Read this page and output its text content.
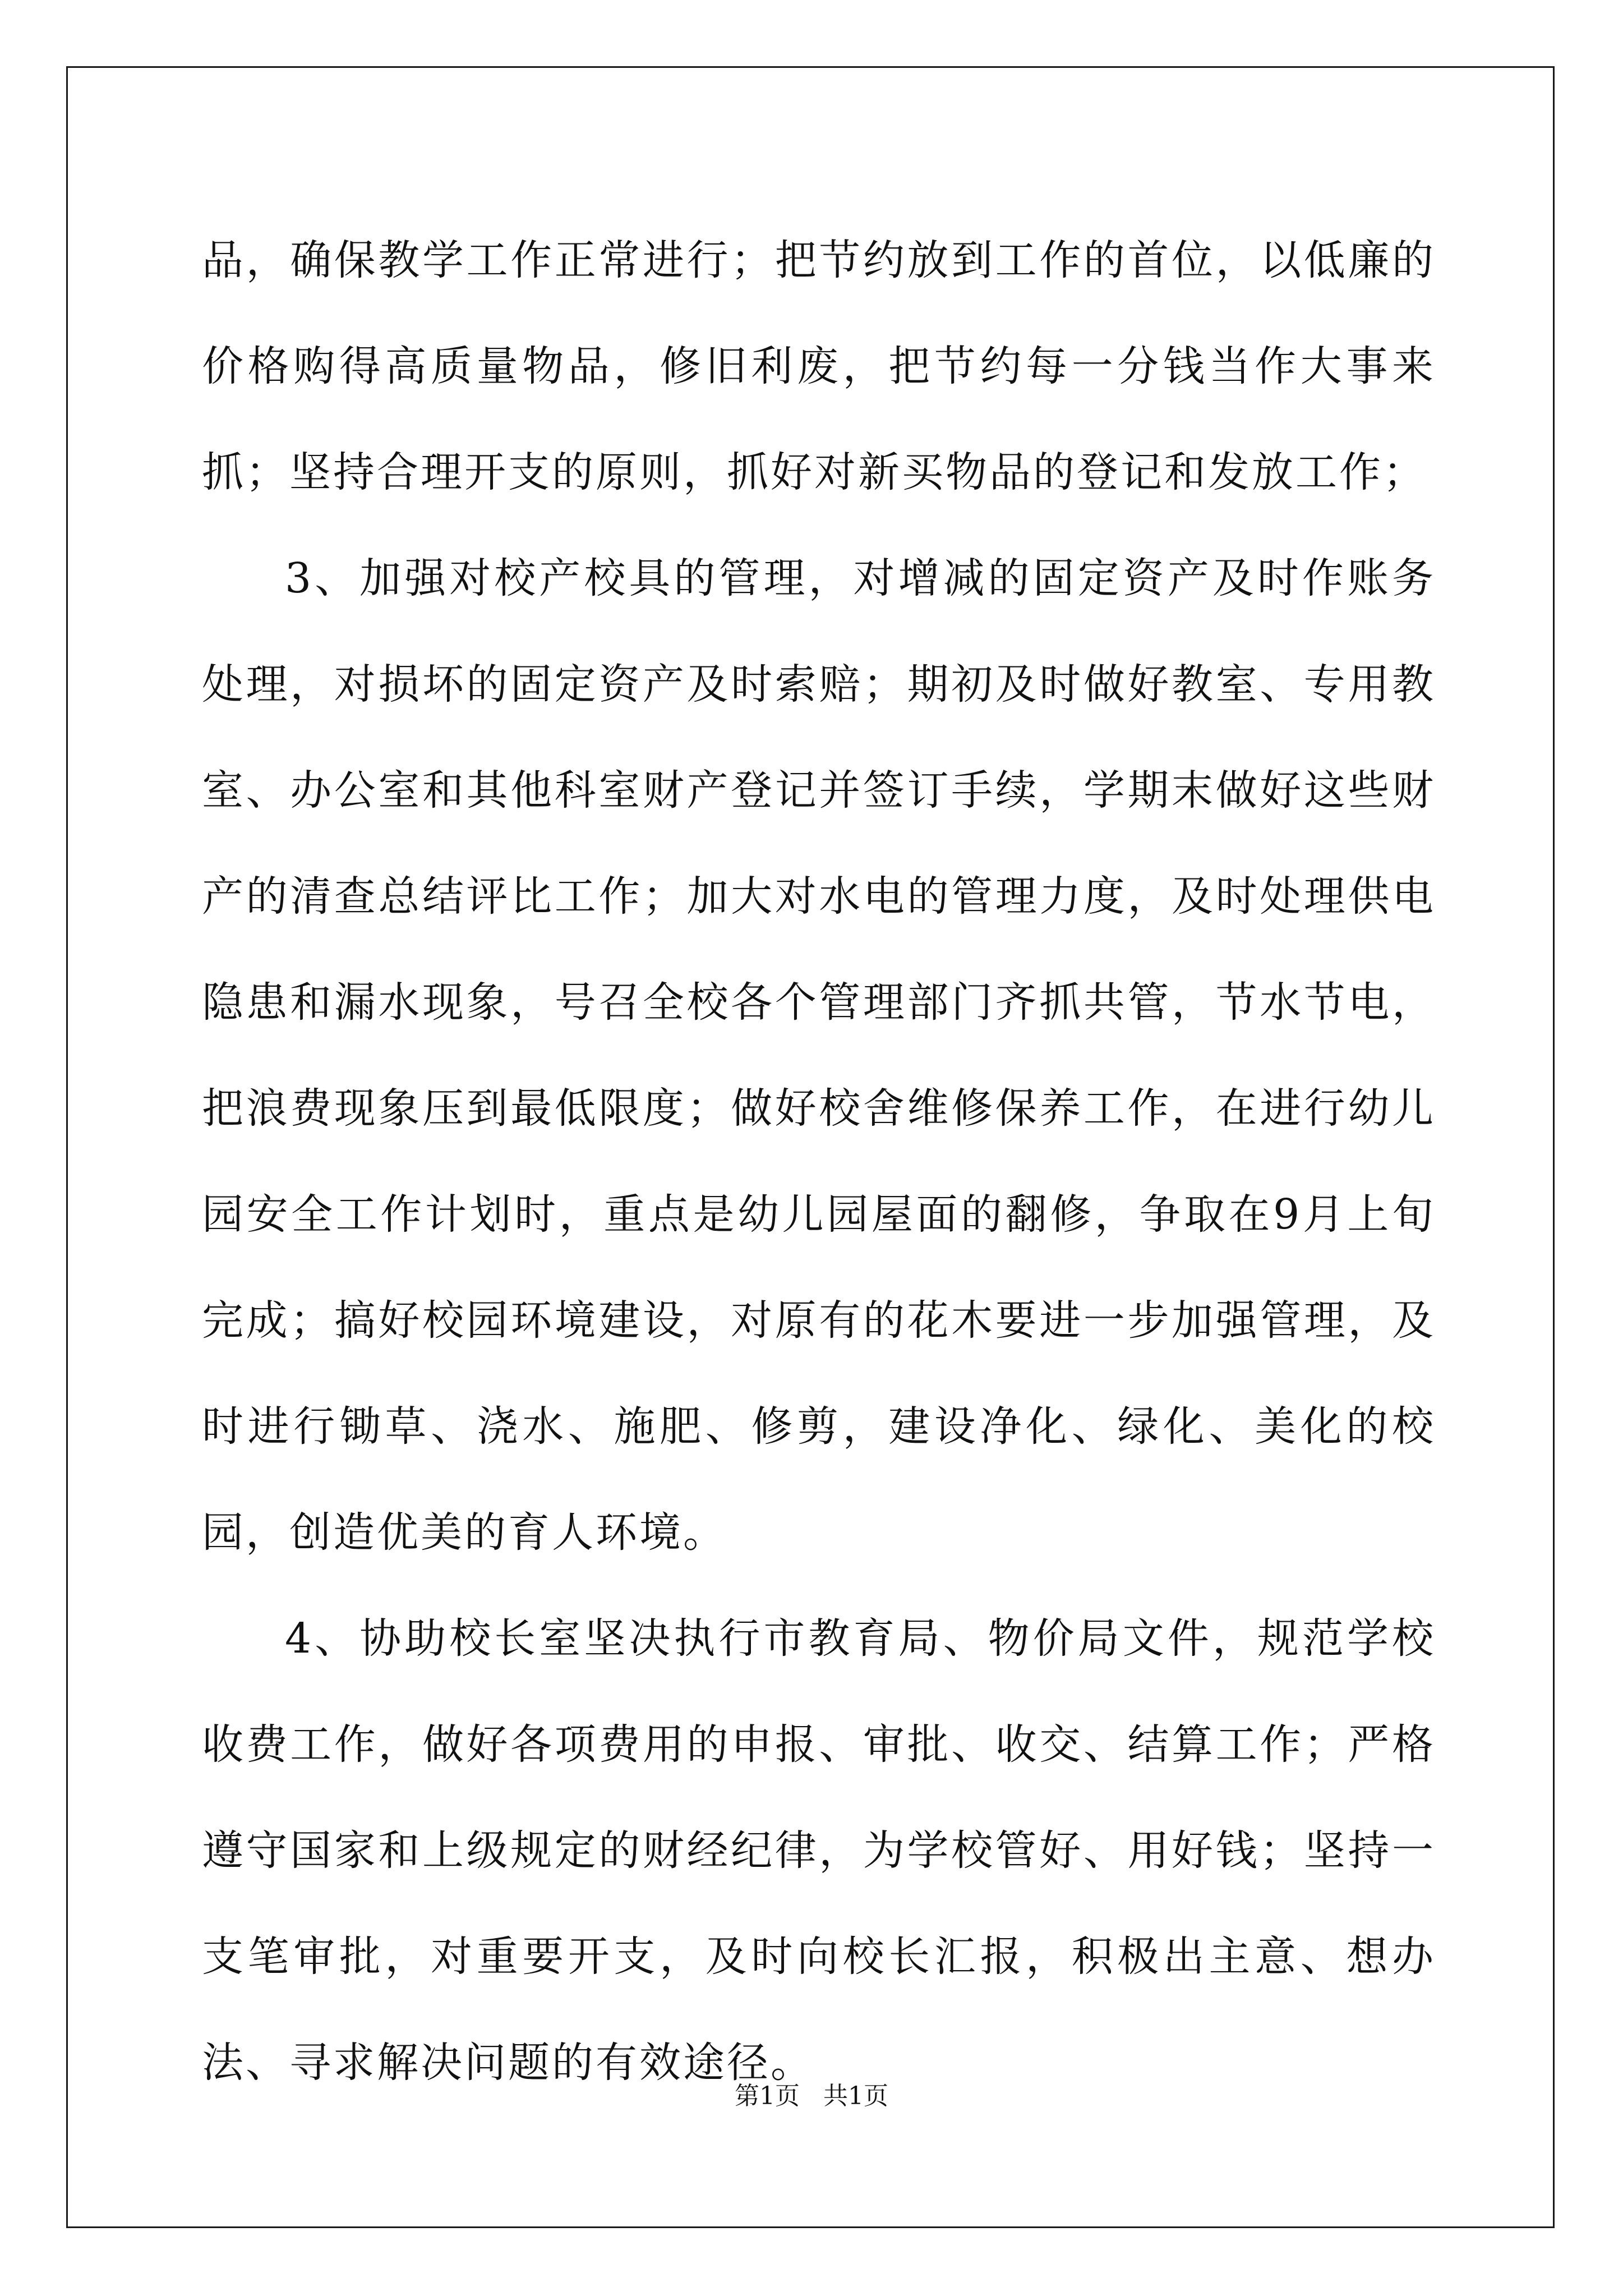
品，确保教学工作正常进行；把节约放到工作的首位，以低廉的价格购得高质量物品，修旧利废，把节约每一分钱当作大事来抓；坚持合理开支的原则，抓好对新买物品的登记和发放工作；

3、加强对校产校具的管理，对增减的固定资产及时作账务处理，对损坏的固定资产及时索赔；期初及时做好教室、专用教室、办公室和其他科室财产登记并签订手续，学期末做好这些财产的清查总结评比工作；加大对水电的管理力度，及时处理供电隐患和漏水现象，号召全校各个管理部门齐抓共管，节水节电，把浪费现象压到最低限度；做好校舍维修保养工作，在进行幼儿园安全工作计划时，重点是幼儿园屋面的翻修，争取在9月上旬完成；搞好校园环境建设，对原有的花木要进一步加强管理，及时进行锄草、浇水、施肥、修剪，建设净化、绿化、美化的校园，创造优美的育人环境。

4、协助校长室坚决执行市教育局、物价局文件，规范学校收费工作，做好各项费用的申报、审批、收交、结算工作；严格遵守国家和上级规定的财经纪律，为学校管好、用好钱；坚持一支笔审批，对重要开支，及时向校长汇报，积极出主意、想办法、寻求解决问题的有效途径。

第1页 共1页
